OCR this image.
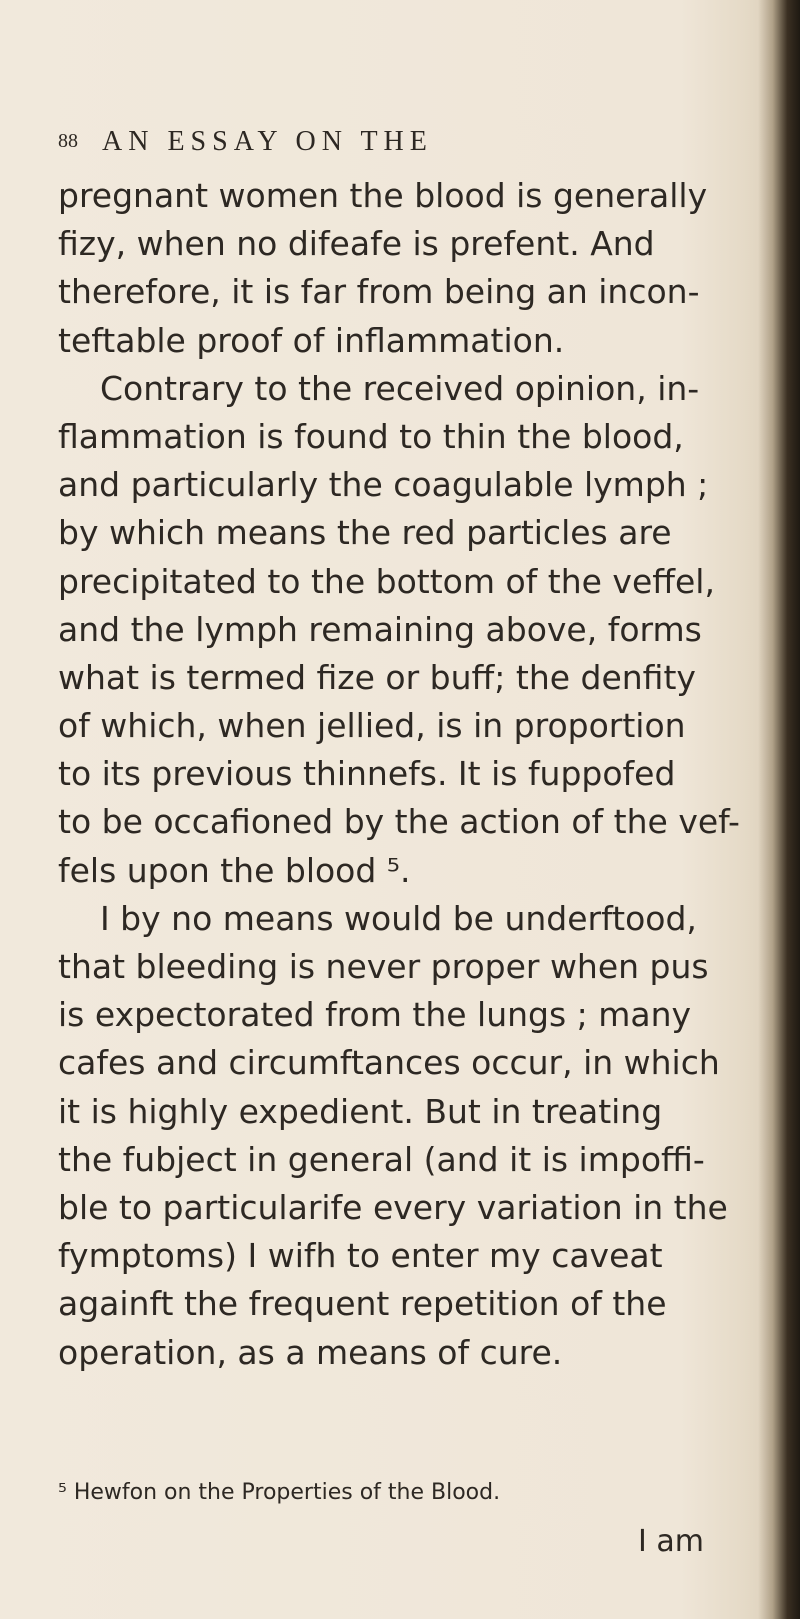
88 AN ESSAY ON THE
pregnant women the blood is generally
fizy, when no difeafe is prefent. And
therefore, it is far from being an incon-
teftable proof of inflammation.
Contrary to the received opinion, in-
flammation is found to thin the blood,
and particularly the coagulable lymph ;
by which means the red particles are
precipitated to the bottom of the veffel,
and the lymph remaining above, forms
what is termed fize or buff; the denfity
of which, when jellied, is in proportion
to its previous thinnefs. It is fuppofed
to be occafioned by the action of the vef-
fels upon the blood ⁵.
I by no means would be underftood,
that bleeding is never proper when pus
is expectorated from the lungs ; many
cafes and circumftances occur, in which
it is highly expedient. But in treating
the fubject in general (and it is impoffi-
ble to particularife every variation in the
fymptoms) I wifh to enter my caveat
againft the frequent repetition of the
operation, as a means of cure.
⁵ Hewfon on the Properties of the Blood.
I am
